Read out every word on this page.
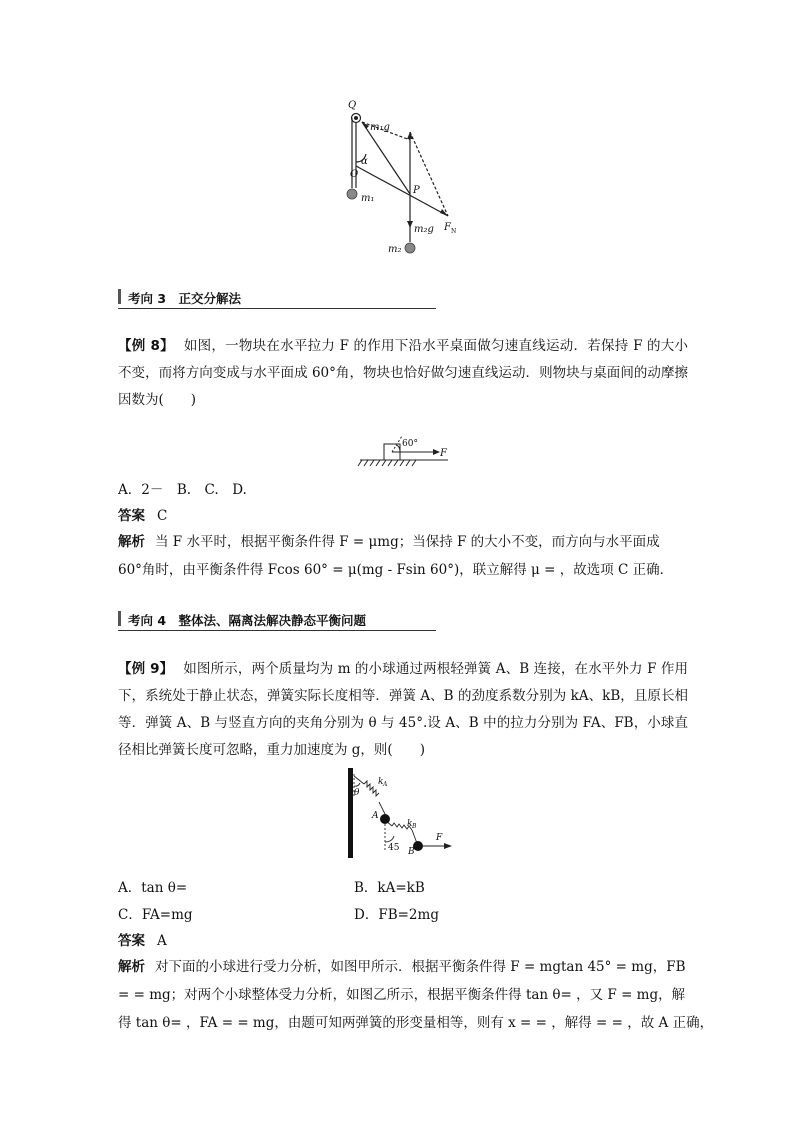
Q
O
α
m₁g
P
m₁
m₂g F N
m₂
考向 3　正交分解法
【例 8】 如图，一物块在水平拉力 F 的作用下沿水平桌面做匀速直线运动．若保持 F 的大小不变，而将方向变成与水平面成 60°角，物块也恰好做匀速直线运动．则物块与桌面间的动摩擦因数为(　　)
60°
F
A．2－　B.　C.　D.
答案 C
解析 当 F 水平时，根据平衡条件得 F = μmg；当保持 F 的大小不变，而方向与水平面成
60°角时，由平衡条件得 Fcos 60° = μ(mg - Fsin 60°)，联立解得 μ = ，故选项 C 正确．
考向 4　整体法、隔离法解决静态平衡问题
【例 9】 如图所示，两个质量均为 m 的小球通过两根轻弹簧 A、B 连接，在水平外力 F 作用下，系统处于静止状态，弹簧实际长度相等．弹簧 A、B 的劲度系数分别为 kA、kB，且原长相等．弹簧 A、B 与竖直方向的夹角分别为 θ 与 45°.设 A、B 中的拉力分别为 FA、FB，小球直径相比弹簧长度可忽略，重力加速度为 g，则(　　)
θ
k A
A
k B
B
45
F
A．tan θ=	B．kA=kB
C．FA=mg	D．FB=2mg
答案 A
解析 对下面的小球进行受力分析，如图甲所示．根据平衡条件得 F = mgtan 45° = mg，FB
= = mg；对两个小球整体受力分析，如图乙所示，根据平衡条件得 tan θ= ，又 F = mg，解
得 tan θ= ，FA = = mg，由题可知两弹簧的形变量相等，则有 x = = ，解得 = = ，故 A 正确，
